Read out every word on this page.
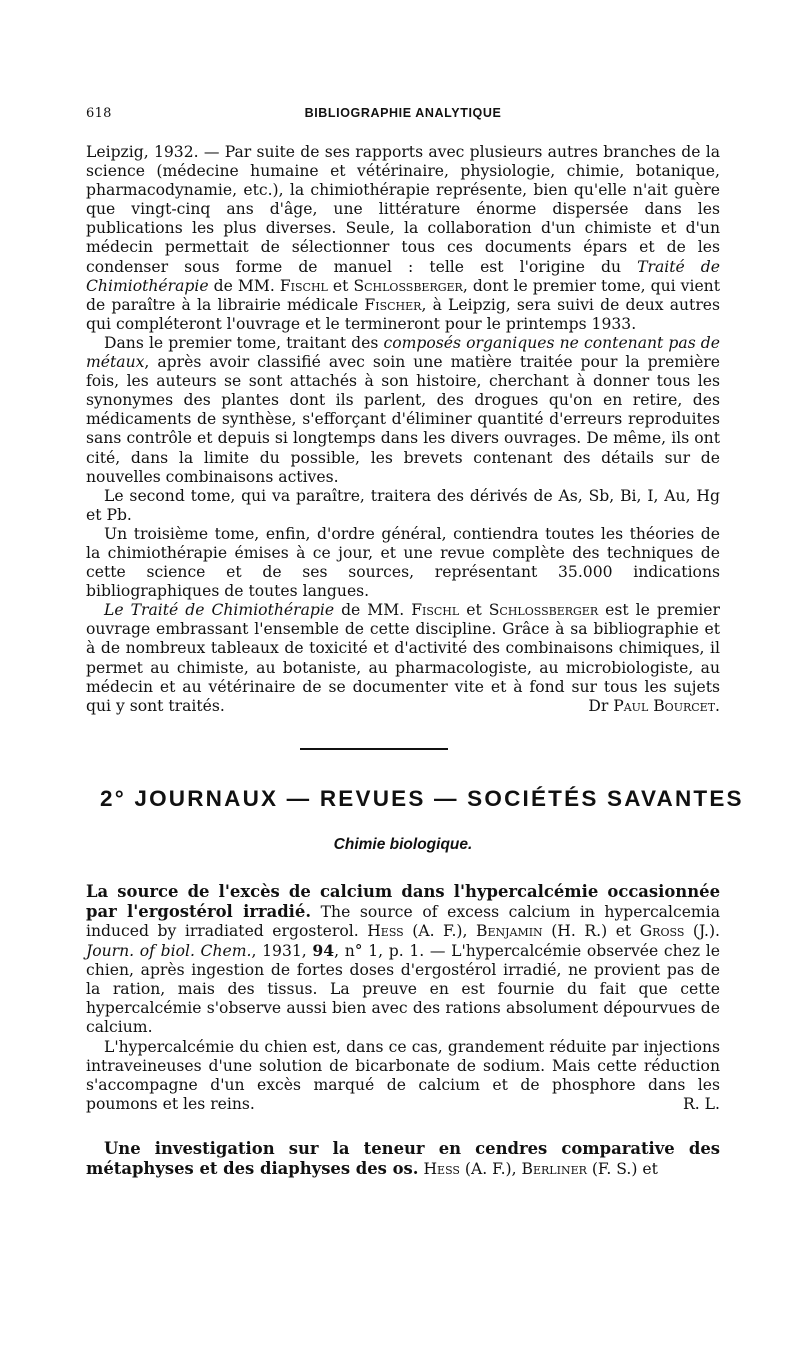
618	BIBLIOGRAPHIE ANALYTIQUE

Leipzig, 1932. — Par suite de ses rapports avec plusieurs autres branches de la science (médecine humaine et vétérinaire, physiologie, chimie, botanique, pharmacodynamie, etc.), la chimiothérapie représente, bien qu'elle n'ait guère que vingt-cinq ans d'âge, une littérature énorme dispersée dans les publications les plus diverses. Seule, la collaboration d'un chimiste et d'un médecin permettait de sélectionner tous ces documents épars et de les condenser sous forme de manuel : telle est l'origine du Traité de Chimiothérapie de MM. Fischl et Schlossberger, dont le premier tome, qui vient de paraître à la librairie médicale Fischer, à Leipzig, sera suivi de deux autres qui compléteront l'ouvrage et le termineront pour le printemps 1933.

Dans le premier tome, traitant des composés organiques ne contenant pas de métaux, après avoir classifié avec soin une matière traitée pour la première fois, les auteurs se sont attachés à son histoire, cherchant à donner tous les synonymes des plantes dont ils parlent, des drogues qu'on en retire, des médicaments de synthèse, s'efforçant d'éliminer quantité d'erreurs reproduites sans contrôle et depuis si longtemps dans les divers ouvrages. De même, ils ont cité, dans la limite du possible, les brevets contenant des détails sur de nouvelles combinaisons actives.

Le second tome, qui va paraître, traitera des dérivés de As, Sb, Bi, I, Au, Hg et Pb.

Un troisième tome, enfin, d'ordre général, contiendra toutes les théories de la chimiothérapie émises à ce jour, et une revue complète des techniques de cette science et de ses sources, représentant 35.000 indications bibliographiques de toutes langues.

Le Traité de Chimiothérapie de MM. Fischl et Schlossberger est le premier ouvrage embrassant l'ensemble de cette discipline. Grâce à sa bibliographie et à de nombreux tableaux de toxicité et d'activité des combinaisons chimiques, il permet au chimiste, au botaniste, au pharmacologiste, au microbiologiste, au médecin et au vétérinaire de se documenter vite et à fond sur tous les sujets qui y sont traités.	Dr Paul Bourcet.

2° JOURNAUX — REVUES — SOCIÉTÉS SAVANTES
Chimie biologique.

La source de l'excès de calcium dans l'hypercalcémie occasionnée par l'ergostérol irradié. The source of excess calcium in hypercalcemia induced by irradiated ergosterol. Hess (A. F.), Benjamin (H. R.) et Gross (J.). Journ. of biol. Chem., 1931, 94, n° 1, p. 1. — L'hypercalcémie observée chez le chien, après ingestion de fortes doses d'ergostérol irradié, ne provient pas de la ration, mais des tissus. La preuve en est fournie du fait que cette hypercalcémie s'observe aussi bien avec des rations absolument dépourvues de calcium.

L'hypercalcémie du chien est, dans ce cas, grandement réduite par injections intraveineuses d'une solution de bicarbonate de sodium. Mais cette réduction s'accompagne d'un excès marqué de calcium et de phosphore dans les poumons et les reins.	R. L.

Une investigation sur la teneur en cendres comparative des métaphyses et des diaphyses des os. Hess (A. F.), Berliner (F. S.) et
